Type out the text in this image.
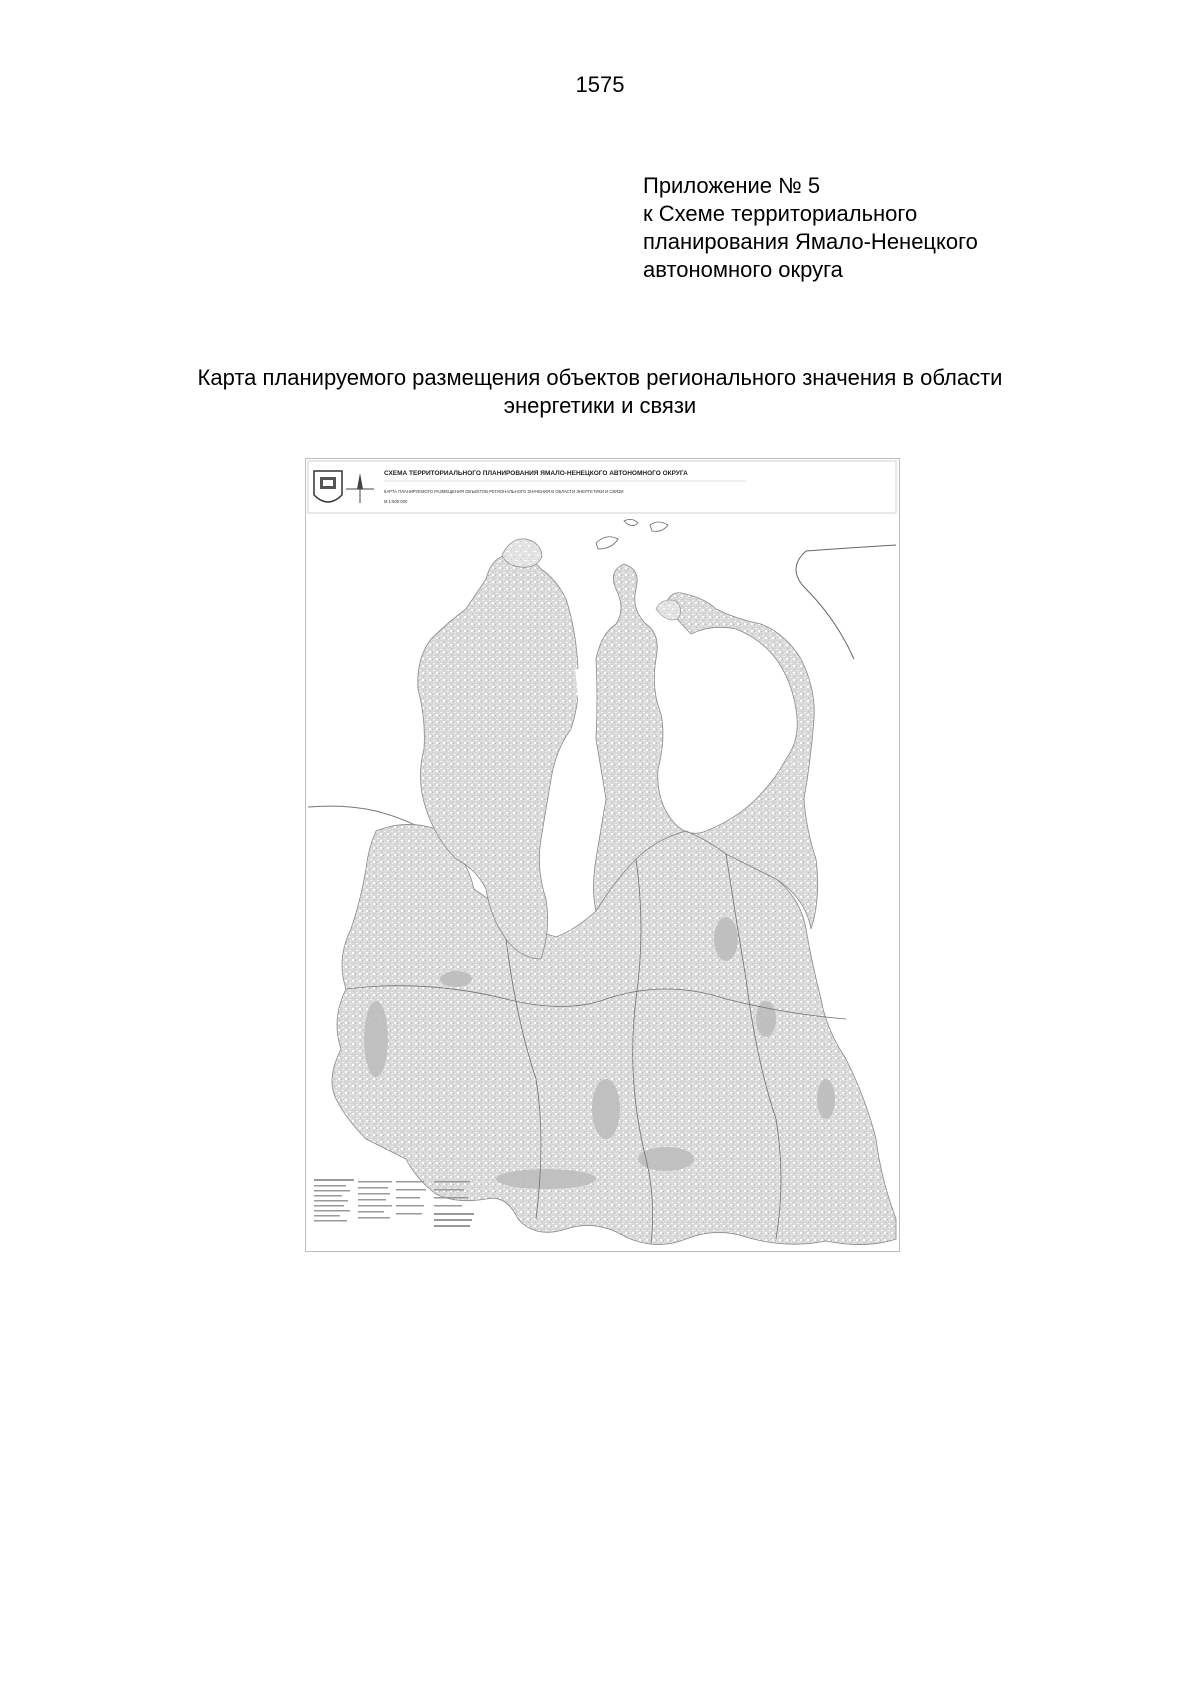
1575
Приложение № 5
к Схеме территориального
планирования Ямало-Ненецкого
автономного округа
Карта планируемого размещения объектов регионального значения в области
энергетики и связи
СХЕМА ТЕРРИТОРИАЛЬНОГО ПЛАНИРОВАНИЯ ЯМАЛО-НЕНЕЦКОГО АВТОНОМНОГО ОКРУГА
КАРТА ПЛАНИРУЕМОГО РАЗМЕЩЕНИЯ ОБЪЕКТОВ РЕГИОНАЛЬНОГО ЗНАЧЕНИЯ В ОБЛАСТИ ЭНЕРГЕТИКИ И СВЯЗИ
М 1:500 000
